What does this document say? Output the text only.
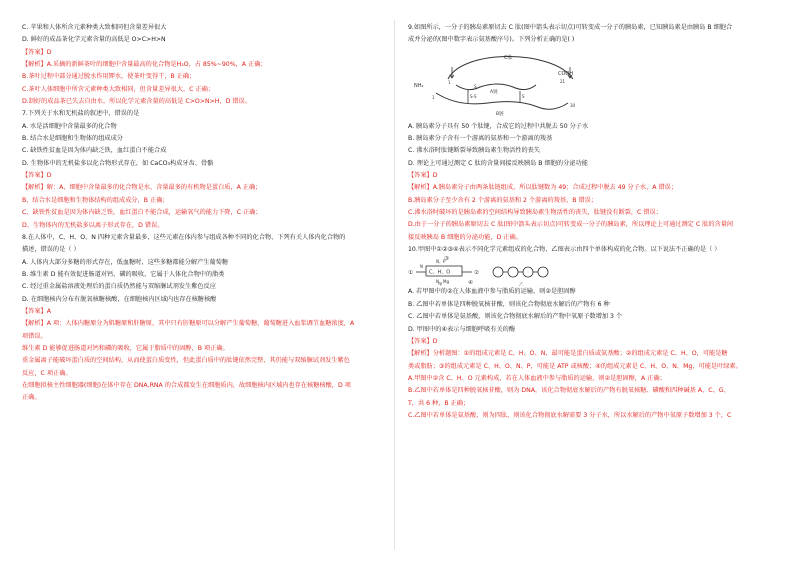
C. 苹果和人体所含元素种类大致相同但含量差异很大
D. 鲜好的成品茶化学元素含量的高低是 O>C>H>N
【答案】D
【解析】A.采摘的新鲜茶叶的细胞中含量最高的化合物是H₂O，占 85%~90%，A 正确；
B.茶叶过程中部分通过脱水作用钾水，使茶叶变得干，B 正确；
C.茶叶人体细胞中所含元素种类大致相同，但含量差异很大，C 正确；
D.制好的成品茶已失去自由水，所以化学元素含量的高低是 C>O>N>H，D 错误。
7.下列关于水和无机盐的叙述中，错误的是
A. 水是活细胞中含量最多的化合物
B. 结合水是细胞和生物体的组成成分
C. 缺铁性贫血是因为体内缺乏铁，血红蛋白不能合成
D. 生物体中的无机盐多以化合物形式存在，如 CaCO₃构成牙齿、骨骼
【答案】D
【解析】解：A、细胞中含量最多的化合物是水，含量最多的有机物是蛋白质，A 正确；
B、结合水是细胞和生物体结构的组成成分，B 正确；
C、缺铁性贫血是因为体内缺乏铁，血红蛋白不能合成，运输氧气的能力下降，C 正确；
D、生物体内的无机盐多以离子形式存在，D 错误。
8.在人体中，C、H、O、N 四种元素含量最多，这些元素在体内参与组成各种不同的化合物，下列有关人体内化合物的
描述，错误的是（ ）
A. 人体内大部分多糖的形式存在，低血糖时，这些多糖都能分解产生葡萄糖
B. 维生素 D 能有效促进肠道对钙、磷的吸收，它属于人体化合物中的脂类
C. 经过重金属盐溶液处理后的蛋白质仍然能与双缩脲试剂发生紫色反应
D. 在细胞核内分布有脱氧核糖核酸，在细胞核内区域内也存在核糖核酸
【答案】A
【解析】A 项：人体内糖原分为肌糖原和肝糖原，其中只有肝糖原可以分解产生葡萄糖，葡萄糖进入血浆调节血糖浓度，A
项错误。
维生素 D 能够促进肠道对钙和磷的吸收，它属于脂质中的固醇，B 项正确。
重金属离子能破坏蛋白质的空间结构，从而使蛋白质变性，但此蛋白质中的肽键依然完整，其仍能与双缩脲试剂发生紫色
反应，C 项正确。
在细胞拟核主性细胞器(细胞)在体中存在 DNA,RNA 的合成都发生在细胞质内，故细胞核内区域内也存在核糖核酸，D 项
正确。
9.如图所示，一分子的胰岛素原切去 C 肽(图中箭头表示切点)可转变成一分子的胰岛素，已知胰岛素是由胰岛 B 细胞合
成并分泌的(图中数字表示氨基酸序号)。下列分析正确的是( )
C肽
A链
B链
S-S	S
S
NH₂
COOH
1	21
1
30
A. 胰岛素分子具有 50 个肽键，合成它的过程中共脱去 50 分子水
B. 胰岛素分子含有一个游离的氨基和一个游离的羧基
C. 沸水浴时肽键断裂导致胰岛素生物活性的丧失
D. 理论上可通过测定 C 肽的含量间接反映胰岛 B 细胞的分泌功能
【答案】D
【解析】A.胰岛素分子由两条肽链组成，所以肽键数为 49；合成过程中脱去 49 分子水，A 错误；
B.胰岛素分子至少含有 2 个游离的氨基和 2 个游离的羧基，B 错误；
C.沸水浴时破坏的是胰岛素的空间结构导致胰岛素生物活性的丧失，肽键没有断裂，C 错误；
D.由于一分子的胰岛素原切去 C 肽(图中箭头表示切点)可转变成一分子的胰岛素，所以理论上可通过测定 C 肽的含量间
接反映胰岛 B 细胞的分泌功能，D 正确。
10.甲图中①②③④表示不同化学元素组成的化合物，乙图表示由四个单体构成的化合物。以下说法不正确的是（ ）
①	C、H、O
N、P
N、Mg
N
②
③
④
甲	乙
A. 若甲图中的②在人体血液中参与脂质的运输，则②是胆固醇
B. 乙图中若单体是四种脱氧核苷酸，则该化合物彻底水解后的产物有 6 种
C. 乙图中若单体是氨基酸，则该化合物彻底水解后的产物中氧原子数增加 3 个
D. 甲图中的④表示与细胞呼吸有关的酶
【答案】D
【解析】分析题图：①的组成元素是 C、H、O、N，最可能是蛋白质或氨基酸；②的组成元素是 C、H、O，可能是糖
类或脂肪；③的组成元素是 C、H、O、N、P，可能是 ATP 或核酸；④的组成元素是 C、H、O、N、Mg，可能是叶绿素。
A.甲图中②含 C、H、O 元素构成，若在人体血液中参与脂质的运输，则②是胆固醇，A 正确；
B.乙图中若单体是四种脱氧核苷酸，则为 DNA，该化合物彻底水解后的产物有脱氧核糖、磷酸和四种碱基 A、C、G、
T，共 6 种，B 正确；
C.乙图中若单体是氨基酸，则为四肽，则该化合物彻底水解需要 3 分子水，所以水解后的产物中氧原子数增加 3 个，C
